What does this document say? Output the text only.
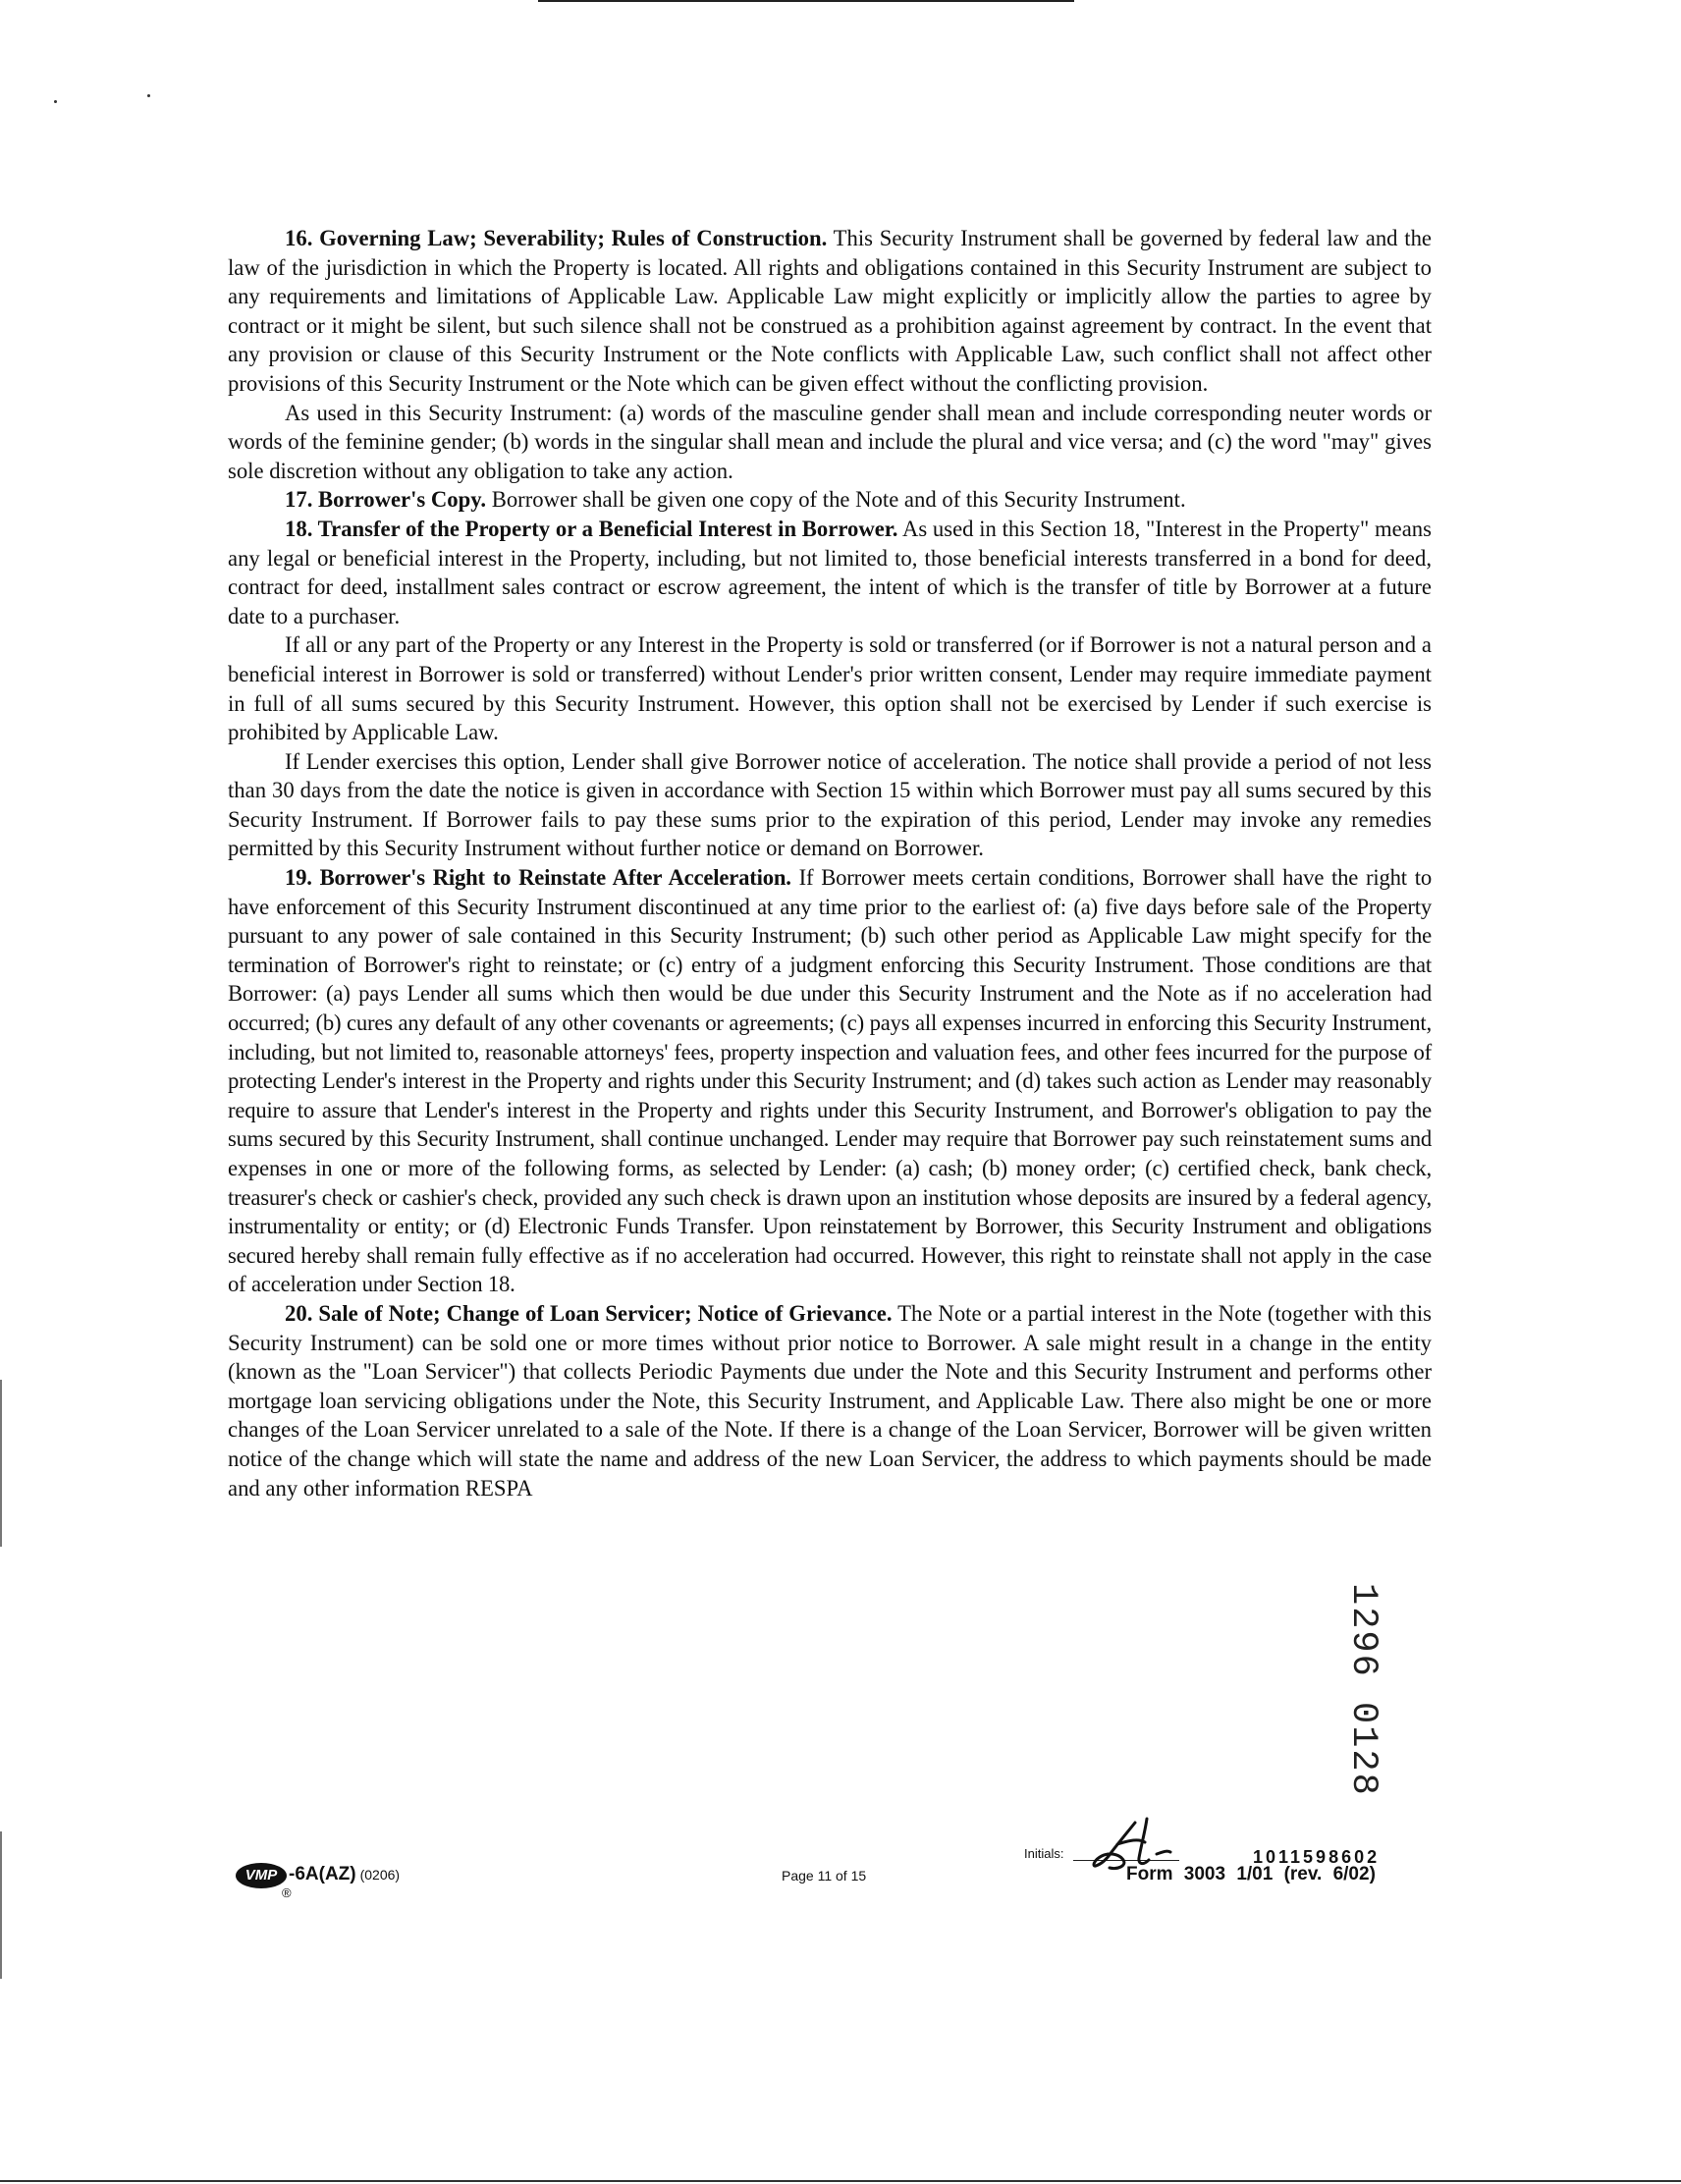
16. Governing Law; Severability; Rules of Construction. This Security Instrument shall be governed by federal law and the law of the jurisdiction in which the Property is located. All rights and obligations contained in this Security Instrument are subject to any requirements and limitations of Applicable Law. Applicable Law might explicitly or implicitly allow the parties to agree by contract or it might be silent, but such silence shall not be construed as a prohibition against agreement by contract. In the event that any provision or clause of this Security Instrument or the Note conflicts with Applicable Law, such conflict shall not affect other provisions of this Security Instrument or the Note which can be given effect without the conflicting provision.

As used in this Security Instrument: (a) words of the masculine gender shall mean and include corresponding neuter words or words of the feminine gender; (b) words in the singular shall mean and include the plural and vice versa; and (c) the word "may" gives sole discretion without any obligation to take any action.

17. Borrower's Copy. Borrower shall be given one copy of the Note and of this Security Instrument.

18. Transfer of the Property or a Beneficial Interest in Borrower. As used in this Section 18, "Interest in the Property" means any legal or beneficial interest in the Property, including, but not limited to, those beneficial interests transferred in a bond for deed, contract for deed, installment sales contract or escrow agreement, the intent of which is the transfer of title by Borrower at a future date to a purchaser.

If all or any part of the Property or any Interest in the Property is sold or transferred (or if Borrower is not a natural person and a beneficial interest in Borrower is sold or transferred) without Lender's prior written consent, Lender may require immediate payment in full of all sums secured by this Security Instrument. However, this option shall not be exercised by Lender if such exercise is prohibited by Applicable Law.

If Lender exercises this option, Lender shall give Borrower notice of acceleration. The notice shall provide a period of not less than 30 days from the date the notice is given in accordance with Section 15 within which Borrower must pay all sums secured by this Security Instrument. If Borrower fails to pay these sums prior to the expiration of this period, Lender may invoke any remedies permitted by this Security Instrument without further notice or demand on Borrower.

19. Borrower's Right to Reinstate After Acceleration. If Borrower meets certain conditions, Borrower shall have the right to have enforcement of this Security Instrument discontinued at any time prior to the earliest of: (a) five days before sale of the Property pursuant to any power of sale contained in this Security Instrument; (b) such other period as Applicable Law might specify for the termination of Borrower's right to reinstate; or (c) entry of a judgment enforcing this Security Instrument. Those conditions are that Borrower: (a) pays Lender all sums which then would be due under this Security Instrument and the Note as if no acceleration had occurred; (b) cures any default of any other covenants or agreements; (c) pays all expenses incurred in enforcing this Security Instrument, including, but not limited to, reasonable attorneys' fees, property inspection and valuation fees, and other fees incurred for the purpose of protecting Lender's interest in the Property and rights under this Security Instrument; and (d) takes such action as Lender may reasonably require to assure that Lender's interest in the Property and rights under this Security Instrument, and Borrower's obligation to pay the sums secured by this Security Instrument, shall continue unchanged. Lender may require that Borrower pay such reinstatement sums and expenses in one or more of the following forms, as selected by Lender: (a) cash; (b) money order; (c) certified check, bank check, treasurer's check or cashier's check, provided any such check is drawn upon an institution whose deposits are insured by a federal agency, instrumentality or entity; or (d) Electronic Funds Transfer. Upon reinstatement by Borrower, this Security Instrument and obligations secured hereby shall remain fully effective as if no acceleration had occurred. However, this right to reinstate shall not apply in the case of acceleration under Section 18.

20. Sale of Note; Change of Loan Servicer; Notice of Grievance. The Note or a partial interest in the Note (together with this Security Instrument) can be sold one or more times without prior notice to Borrower. A sale might result in a change in the entity (known as the "Loan Servicer") that collects Periodic Payments due under the Note and this Security Instrument and performs other mortgage loan servicing obligations under the Note, this Security Instrument, and Applicable Law. There also might be one or more changes of the Loan Servicer unrelated to a sale of the Note. If there is a change of the Loan Servicer, Borrower will be given written notice of the change which will state the name and address of the new Loan Servicer, the address to which payments should be made and any other information RESPA

VMP
®
-6A(AZ) (0206)	Page 11 of 15
Initials:	1011598602
Form 3003 1/01 (rev. 6/02)
1296 0128
